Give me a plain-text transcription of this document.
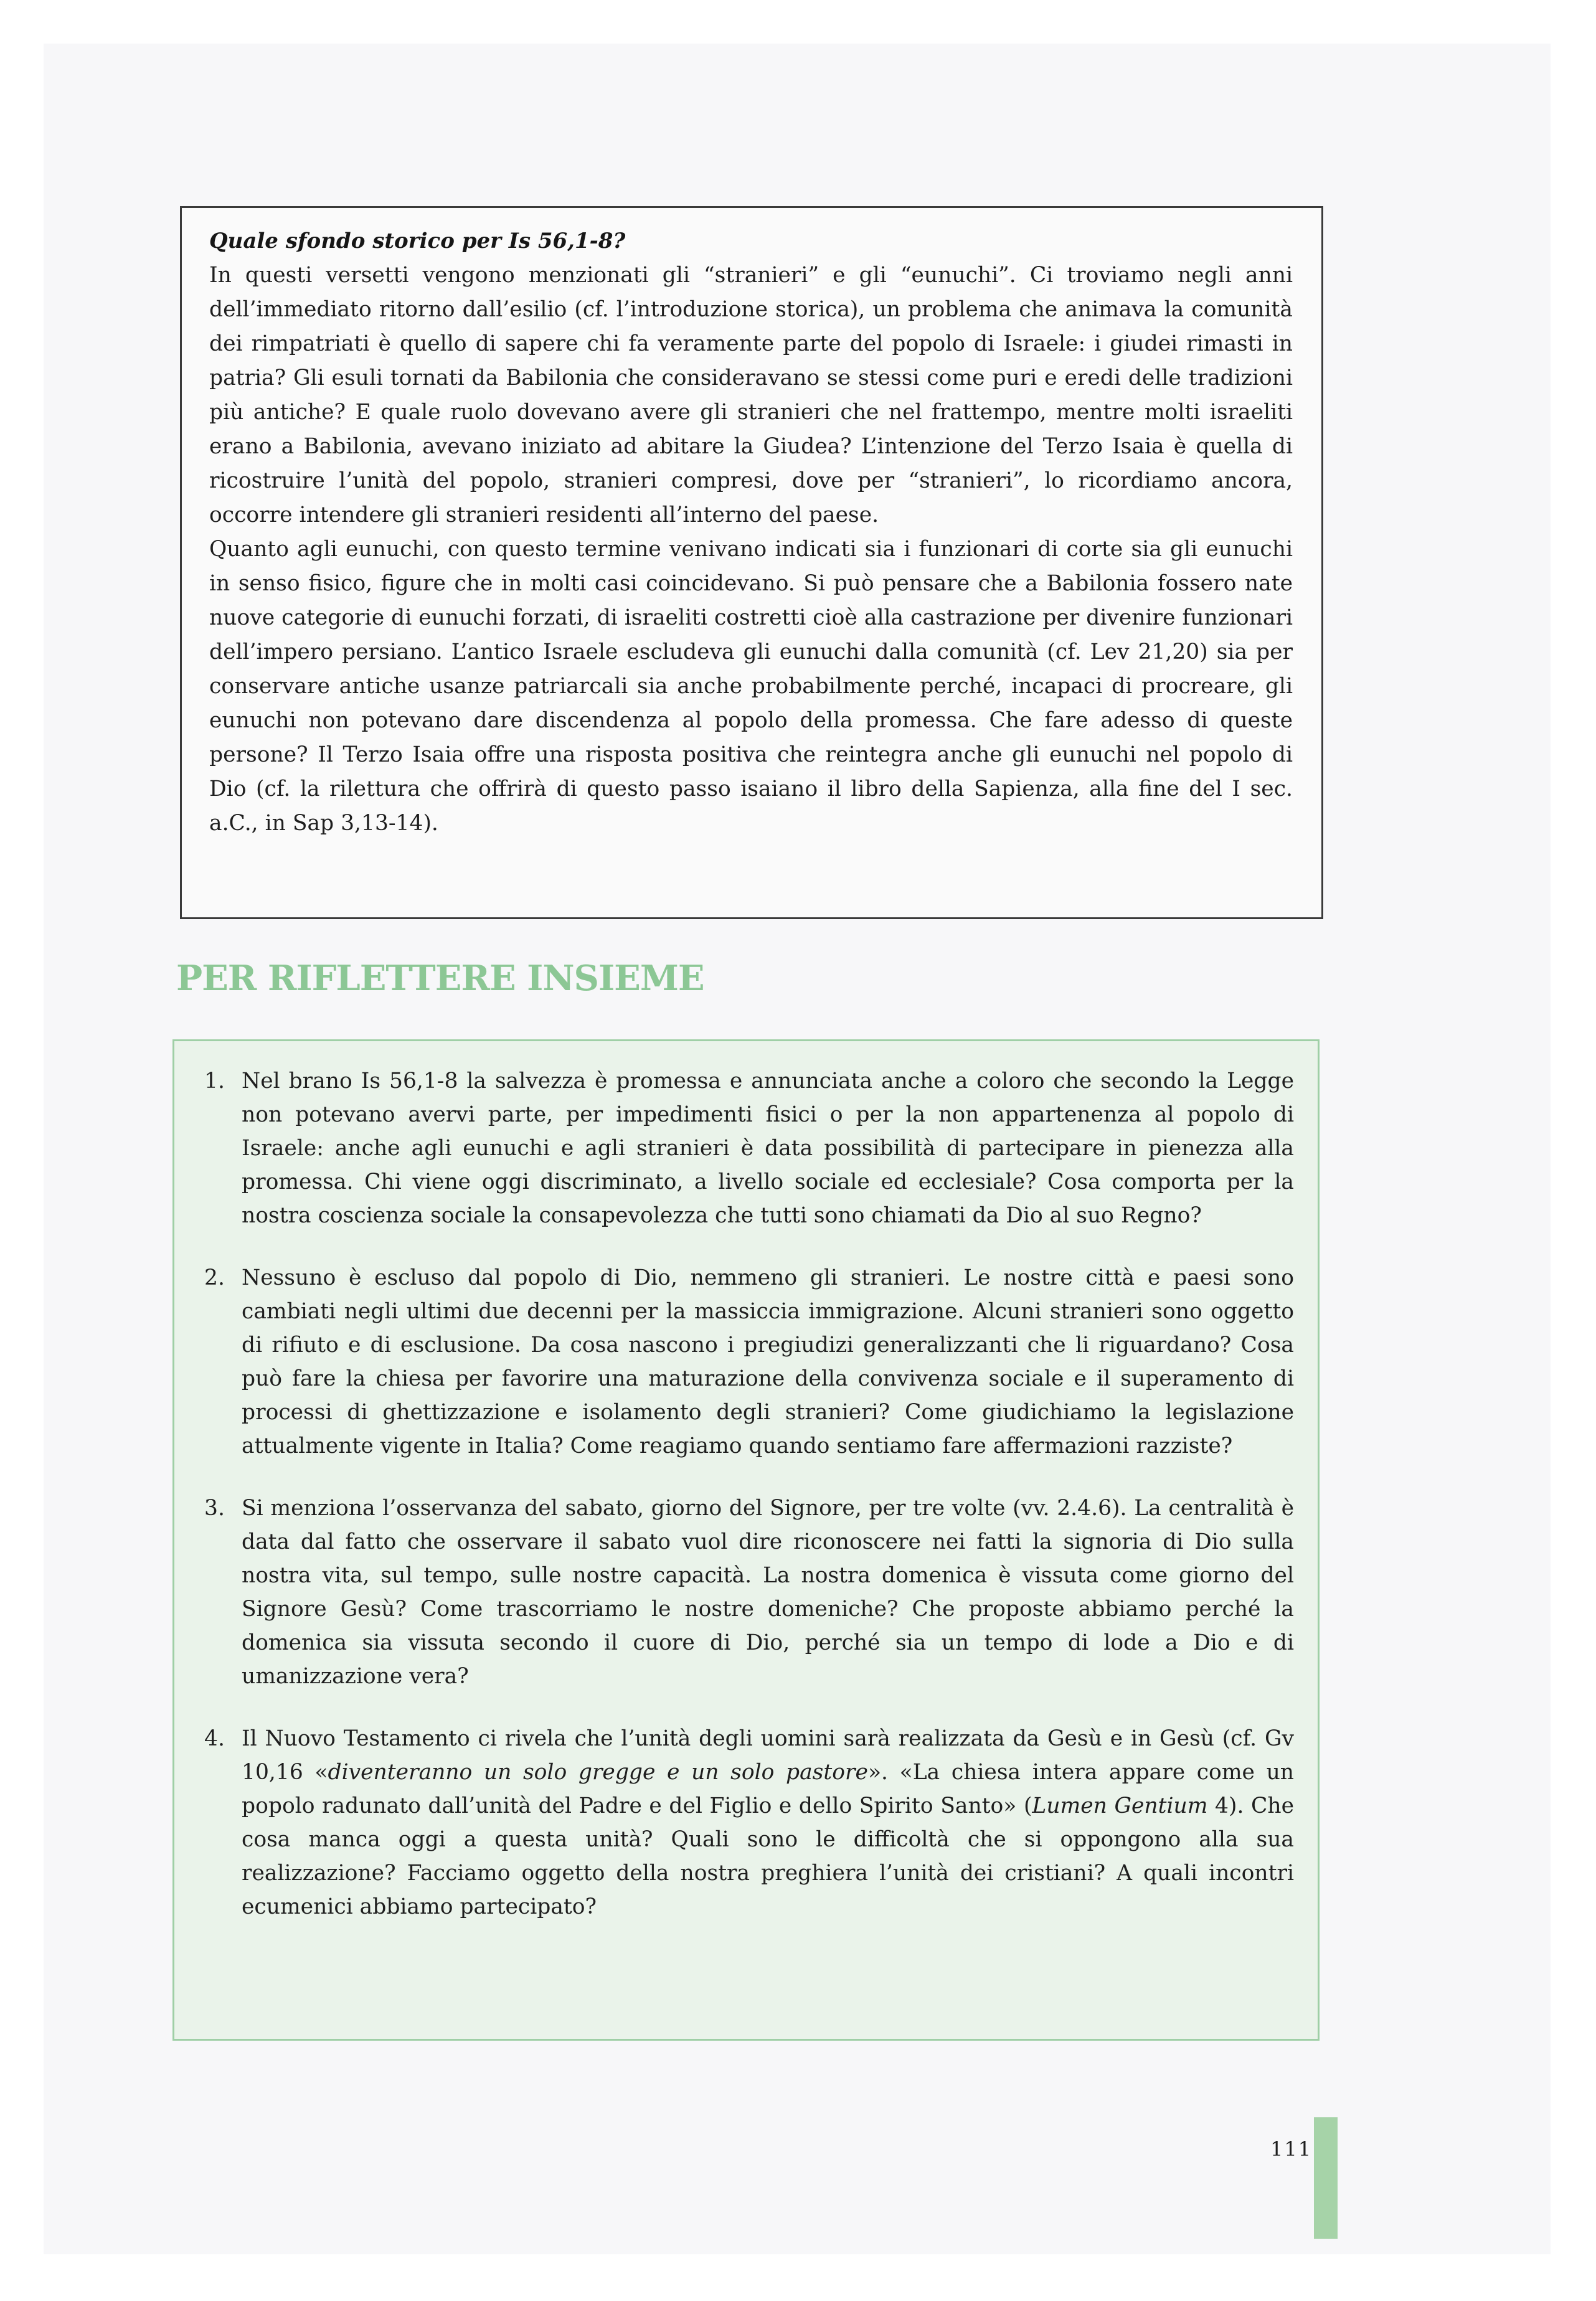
Quale sfondo storico per Is 56,1-8?

In questi versetti vengono menzionati gli “stranieri” e gli “eunuchi”. Ci troviamo negli anni dell’immediato ritorno dall’esilio (cf. l’introduzione storica), un problema che animava la comunità dei rimpatriati è quello di sapere chi fa veramente parte del popolo di Israele: i giudei rimasti in patria? Gli esuli tornati da Babilonia che consideravano se stessi come puri e eredi delle tradizioni più antiche? E quale ruolo dovevano avere gli stranieri che nel frattempo, mentre molti israeliti erano a Babilonia, avevano iniziato ad abitare la Giudea? L’intenzione del Terzo Isaia è quella di ricostruire l’unità del popolo, stranieri compresi, dove per “stranieri”, lo ricordiamo ancora, occorre intendere gli stranieri residenti all’interno del paese.

Quanto agli eunuchi, con questo termine venivano indicati sia i funzionari di corte sia gli eunuchi in senso fisico, figure che in molti casi coincidevano. Si può pensare che a Babilonia fossero nate nuove categorie di eunuchi forzati, di israeliti costretti cioè alla castrazione per divenire funzionari dell’impero persiano. L’antico Israele escludeva gli eunuchi dalla comunità (cf. Lev 21,20) sia per conservare antiche usanze patriarcali sia anche probabilmente perché, incapaci di procreare, gli eunuchi non potevano dare discendenza al popolo della promessa. Che fare adesso di queste persone? Il Terzo Isaia offre una risposta positiva che reintegra anche gli eunuchi nel popolo di Dio (cf. la rilettura che offrirà di questo passo isaiano il libro della Sapienza, alla fine del I sec. a.C., in Sap 3,13-14).

PER RIFLETTERE INSIEME
1. Nel brano Is 56,1-8 la salvezza è promessa e annunciata anche a coloro che secondo la Legge non potevano avervi parte, per impedimenti fisici o per la non appartenenza al popolo di Israele: anche agli eunuchi e agli stranieri è data possibilità di partecipare in pienezza alla promessa. Chi viene oggi discriminato, a livello sociale ed ecclesiale? Cosa comporta per la nostra coscienza sociale la consapevolezza che tutti sono chiamati da Dio al suo Regno?

2. Nessuno è escluso dal popolo di Dio, nemmeno gli stranieri. Le nostre città e paesi sono cambiati negli ultimi due decenni per la massiccia immigrazione. Alcuni stranieri sono oggetto di rifiuto e di esclusione. Da cosa nascono i pregiudizi generalizzanti che li riguardano? Cosa può fare la chiesa per favorire una maturazione della convivenza sociale e il superamento di processi di ghettizzazione e isolamento degli stranieri? Come giudichiamo la legislazione attualmente vigente in Italia? Come reagiamo quando sentiamo fare affermazioni razziste?

3. Si menziona l’osservanza del sabato, giorno del Signore, per tre volte (vv. 2.4.6). La centralità è data dal fatto che osservare il sabato vuol dire riconoscere nei fatti la signoria di Dio sulla nostra vita, sul tempo, sulle nostre capacità. La nostra domenica è vissuta come giorno del Signore Gesù? Come trascorriamo le nostre domeniche? Che proposte abbiamo perché la domenica sia vissuta secondo il cuore di Dio, perché sia un tempo di lode a Dio e di umanizzazione vera?

4. Il Nuovo Testamento ci rivela che l’unità degli uomini sarà realizzata da Gesù e in Gesù (cf. Gv 10,16 «diventeranno un solo gregge e un solo pastore». «La chiesa intera appare come un popolo radunato dall’unità del Padre e del Figlio e dello Spirito Santo» (Lumen Gentium 4). Che cosa manca oggi a questa unità? Quali sono le difficoltà che si oppongono alla sua realizzazione? Facciamo oggetto della nostra preghiera l’unità dei cristiani? A quali incontri ecumenici abbiamo partecipato?

111
